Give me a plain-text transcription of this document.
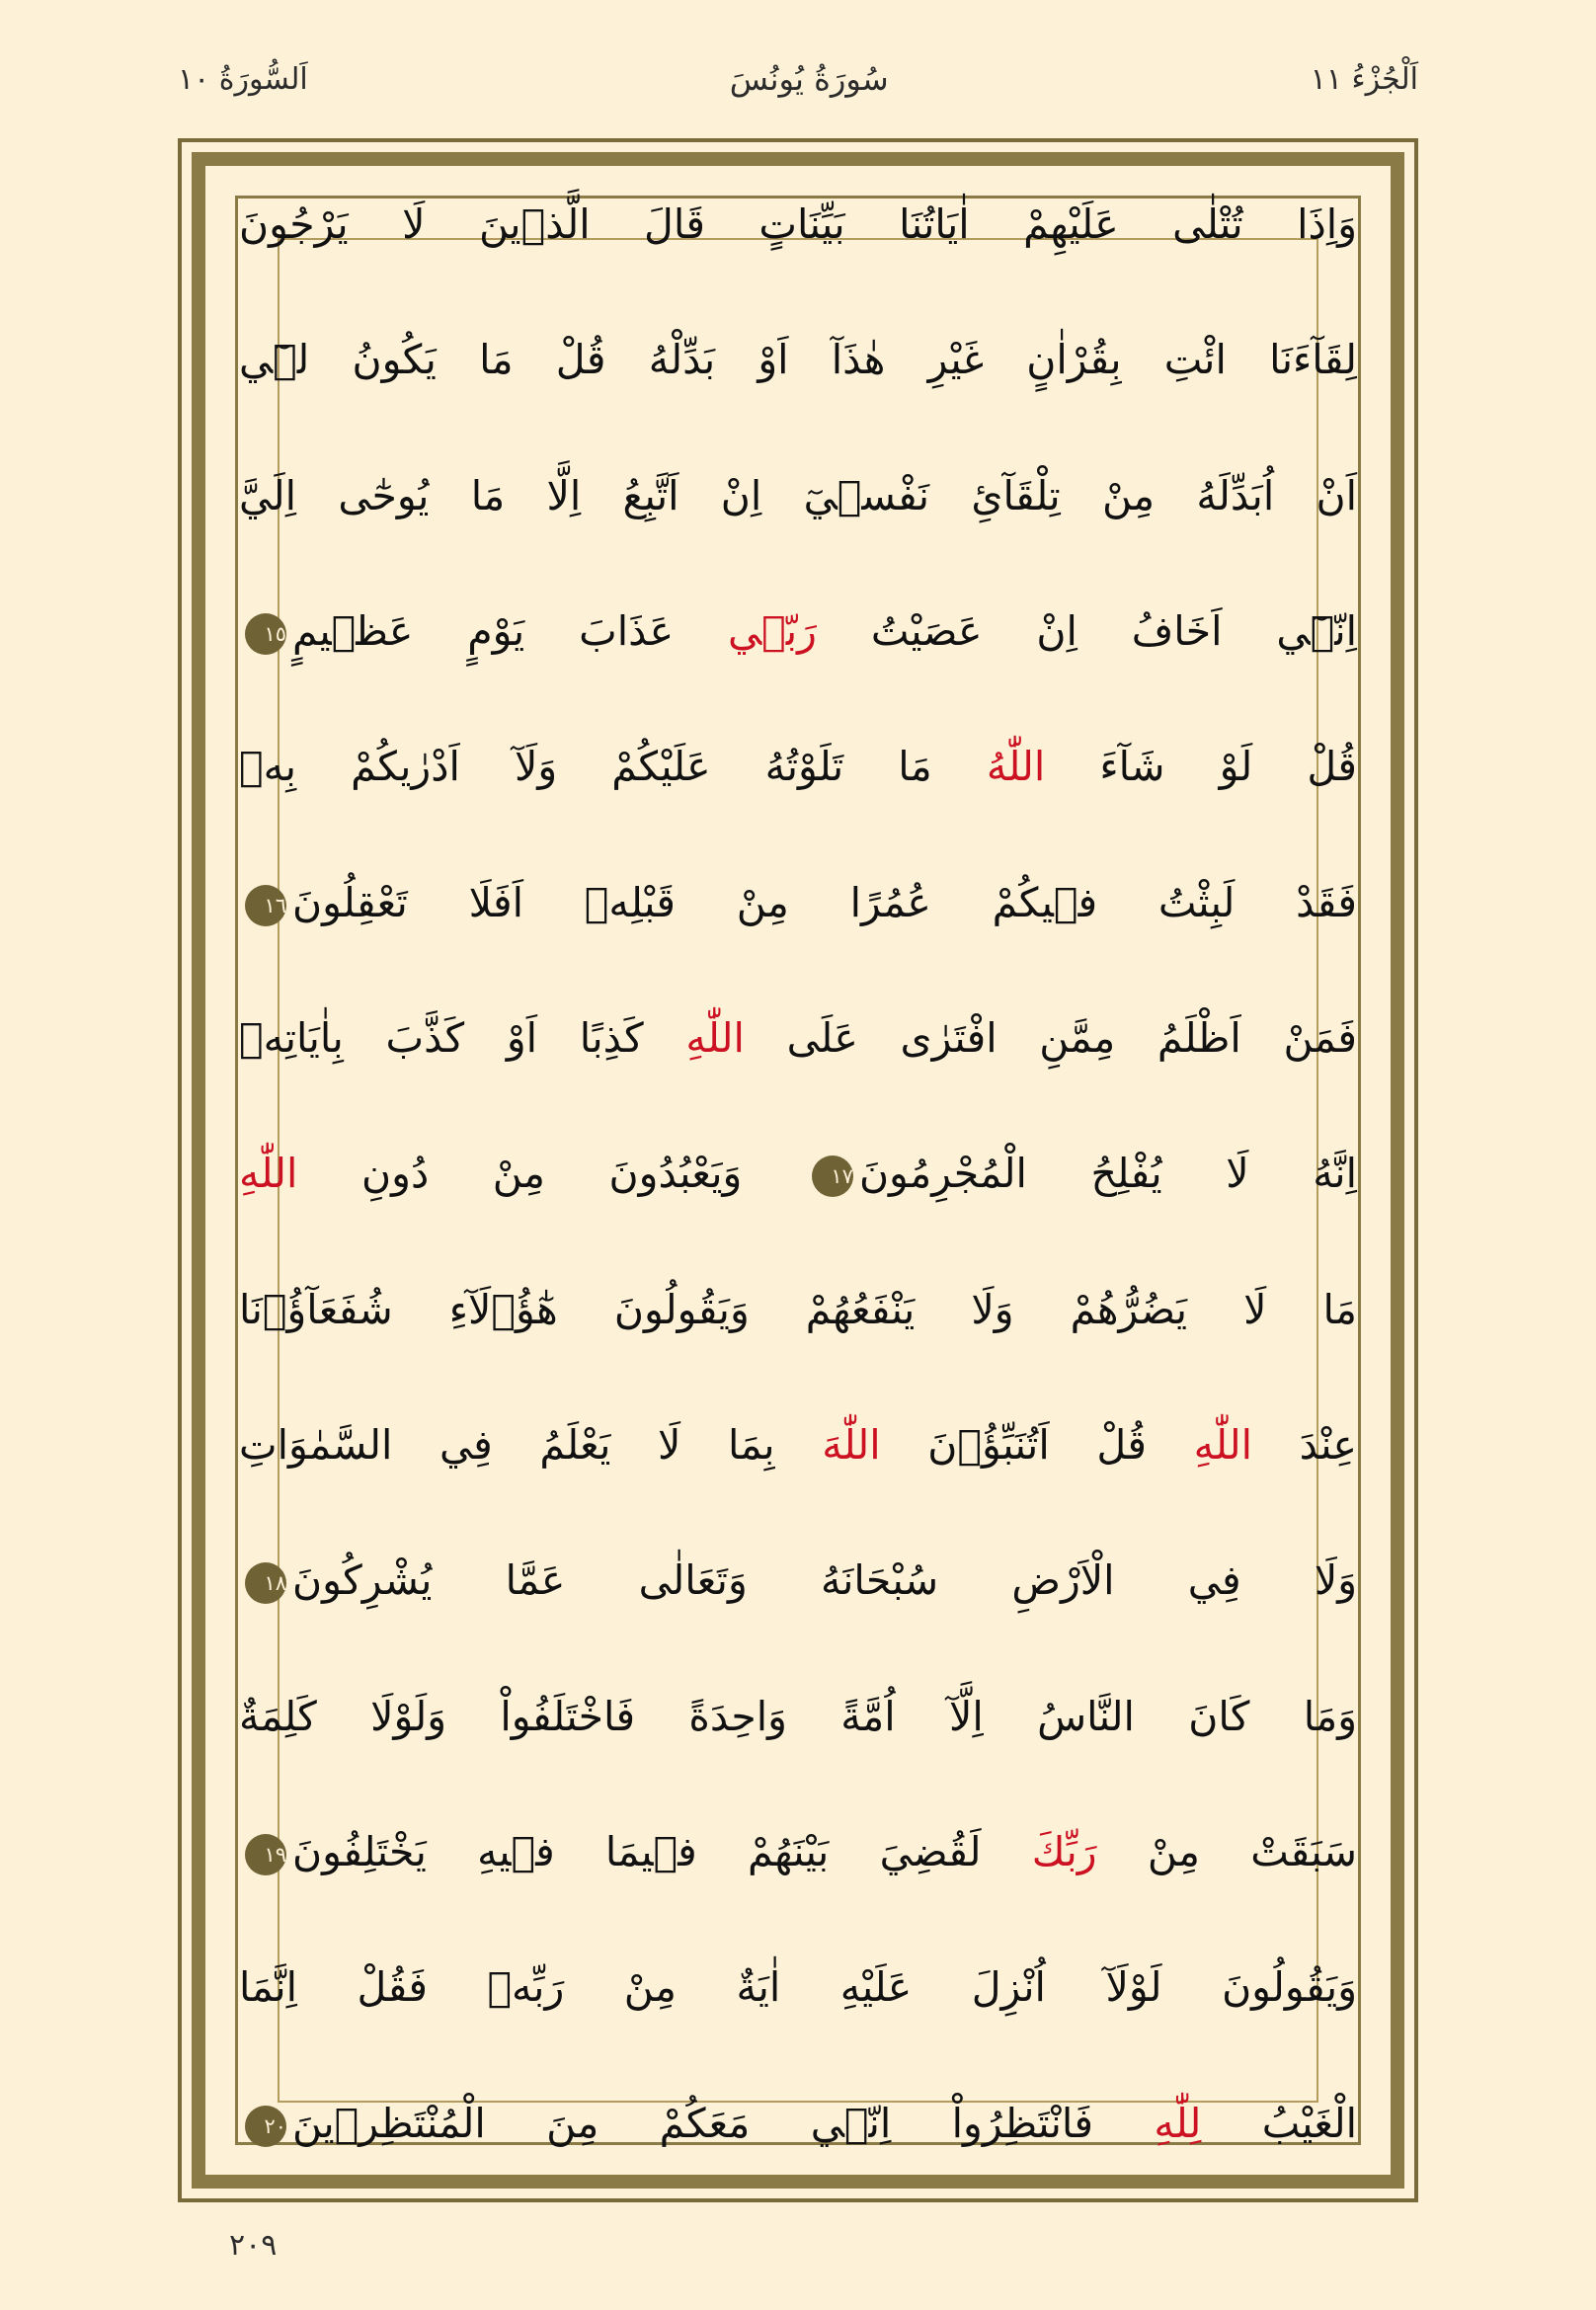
اَلْجُزْءُ ١١
سُورَةُ يُونُسَ
اَلسُّورَةُ ١٠
وَاِذَا تُتْلٰى عَلَيْهِمْ اٰيَاتُنَا بَيِّنَاتٍ قَالَ الَّذ۪ينَ لَا يَرْجُونَ
لِقَآءَنَا ائْتِ بِقُرْاٰنٍ غَيْرِ هٰذَآ اَوْ بَدِّلْهُ قُلْ مَا يَكُونُ ل۪ٓي
اَنْ اُبَدِّلَهُ مِنْ تِلْقَآئِ نَفْس۪يٓ اِنْ اَتَّبِعُ اِلَّا مَا يُوحٰٓى اِلَيَّ
اِنّ۪ٓي اَخَافُ اِنْ عَصَيْتُ رَبّ۪ي عَذَابَ يَوْمٍ عَظ۪يمٍ١٥
قُلْ لَوْ شَآءَ اللّٰهُ مَا تَلَوْتُهُ عَلَيْكُمْ وَلَآ اَدْرٰيكُمْ بِه۪
فَقَدْ لَبِثْتُ ف۪يكُمْ عُمُرًا مِنْ قَبْلِه۪ اَفَلَا تَعْقِلُونَ١٦
فَمَنْ اَظْلَمُ مِمَّنِ افْتَرٰى عَلَى اللّٰهِ كَذِبًا اَوْ كَذَّبَ بِاٰيَاتِه۪
اِنَّهُ لَا يُفْلِحُ الْمُجْرِمُونَ١٧ وَيَعْبُدُونَ مِنْ دُونِ اللّٰهِ
مَا لَا يَضُرُّهُمْ وَلَا يَنْفَعُهُمْ وَيَقُولُونَ هٰٓؤُ۬لَآءِ شُفَعَآؤُ۬نَا
عِنْدَ اللّٰهِ قُلْ اَتُنَبِّؤُ۫نَ اللّٰهَ بِمَا لَا يَعْلَمُ فِي السَّمٰوَاتِ
وَلَا فِي الْاَرْضِ سُبْحَانَهُ وَتَعَالٰى عَمَّا يُشْرِكُونَ١٨
وَمَا كَانَ النَّاسُ اِلَّآ اُمَّةً وَاحِدَةً فَاخْتَلَفُواْ وَلَوْلَا كَلِمَةٌ
سَبَقَتْ مِنْ رَبِّكَ لَقُضِيَ بَيْنَهُمْ ف۪يمَا ف۪يهِ يَخْتَلِفُونَ١٩
وَيَقُولُونَ لَوْلَآ اُنْزِلَ عَلَيْهِ اٰيَةٌ مِنْ رَبِّه۪ فَقُلْ اِنَّمَا
الْغَيْبُ لِلّٰهِ فَانْتَظِرُواْ اِنّ۪ي مَعَكُمْ مِنَ الْمُنْتَظِر۪ينَ٢٠
٢٠٩
